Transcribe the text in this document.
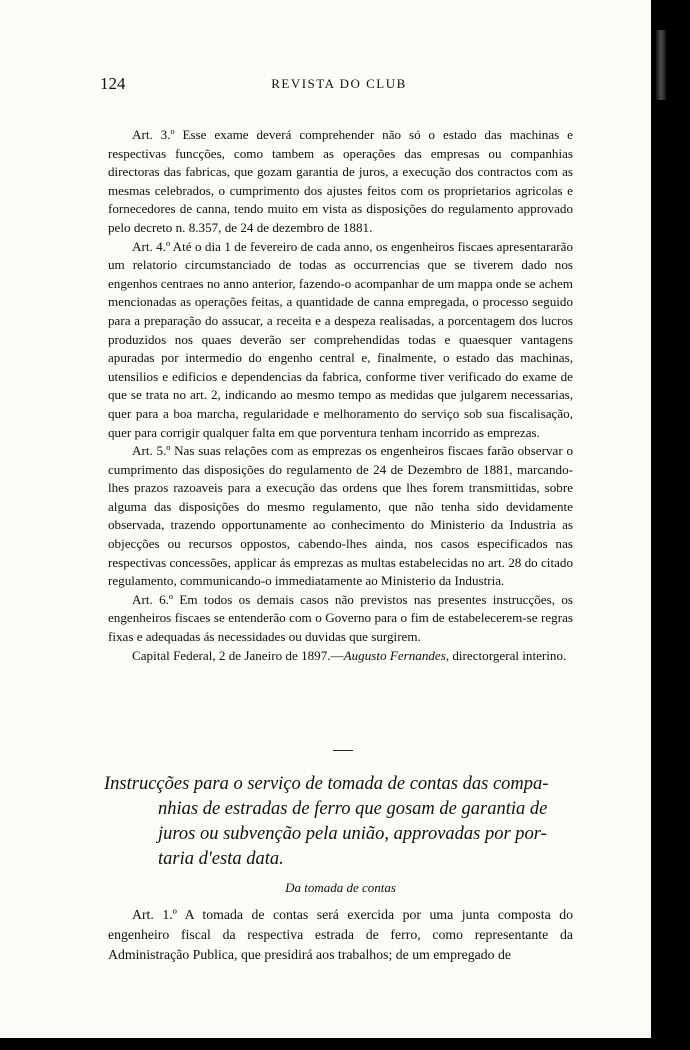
124	REVISTA DO CLUB

Art. 3.º Esse exame deverá comprehender não só o estado das machinas e respectivas funcções, como tambem as operações das empresas ou companhias directoras das fabricas, que gozam garantia de juros, a execução dos contractos com as mesmas celebrados, o cumprimento dos ajustes feitos com os proprietarios agricolas e fornecedores de canna, tendo muito em vista as disposições do regulamento approvado pelo decreto n. 8.357, de 24 de dezembro de 1881.

Art. 4.º Até o dia 1 de fevereiro de cada anno, os engenheiros fiscaes apresentararão um relatorio circumstanciado de todas as occurrencias que se tiverem dado nos engenhos centraes no anno anterior, fazendo-o acompanhar de um mappa onde se achem mencionadas as operações feitas, a quantidade de canna empregada, o processo seguido para a preparação do assucar, a receita e a despeza realisadas, a porcentagem dos lucros produzidos nos quaes deverão ser comprehendidas todas e quaesquer vantagens apuradas por intermedio do engenho central e, finalmente, o estado das machinas, utensilios e edificios e dependencias da fabrica, conforme tiver verificado do exame de que se trata no art. 2, indicando ao mesmo tempo as medidas que julgarem necessarias, quer para a boa marcha, regularidade e melhoramento do serviço sob sua fiscalisação, quer para corrigir qualquer falta em que porventura tenham incorrido as emprezas.

Art. 5.º Nas suas relações com as emprezas os engenheiros fiscaes farão observar o cumprimento das disposições do regulamento de 24 de Dezembro de 1881, marcando-lhes prazos razoaveis para a execução das ordens que lhes forem transmittidas, sobre alguma das disposições do mesmo regulamento, que não tenha sido devidamente observada, trazendo opportunamente ao conhecimento do Ministerio da Industria as objecções ou recursos oppostos, cabendo-lhes ainda, nos casos especificados nas respectivas concessões, applicar ás emprezas as multas estabelecidas no art. 28 do citado regulamento, communicando-o immediatamente ao Ministerio da Industria.

Art. 6.º Em todos os demais casos não previstos nas presentes instrucções, os engenheiros fiscaes se entenderão com o Governo para o fim de estabelecerem-se regras fixas e adequadas ás necessidades ou duvidas que surgirem.

Capital Federal, 2 de Janeiro de 1897.—Augusto Fernandes, directorgeral interino.

Instrucções para o serviço de tomada de contas das compa-
nhias de estradas de ferro que gosam de garantia de
juros ou subvenção pela união, approvadas por por-
taria d'esta data.
Da tomada de contas

Art. 1.º A tomada de contas será exercida por uma junta composta do engenheiro fiscal da respectiva estrada de ferro, como representante da Administração Publica, que presidirá aos trabalhos; de um empregado de
